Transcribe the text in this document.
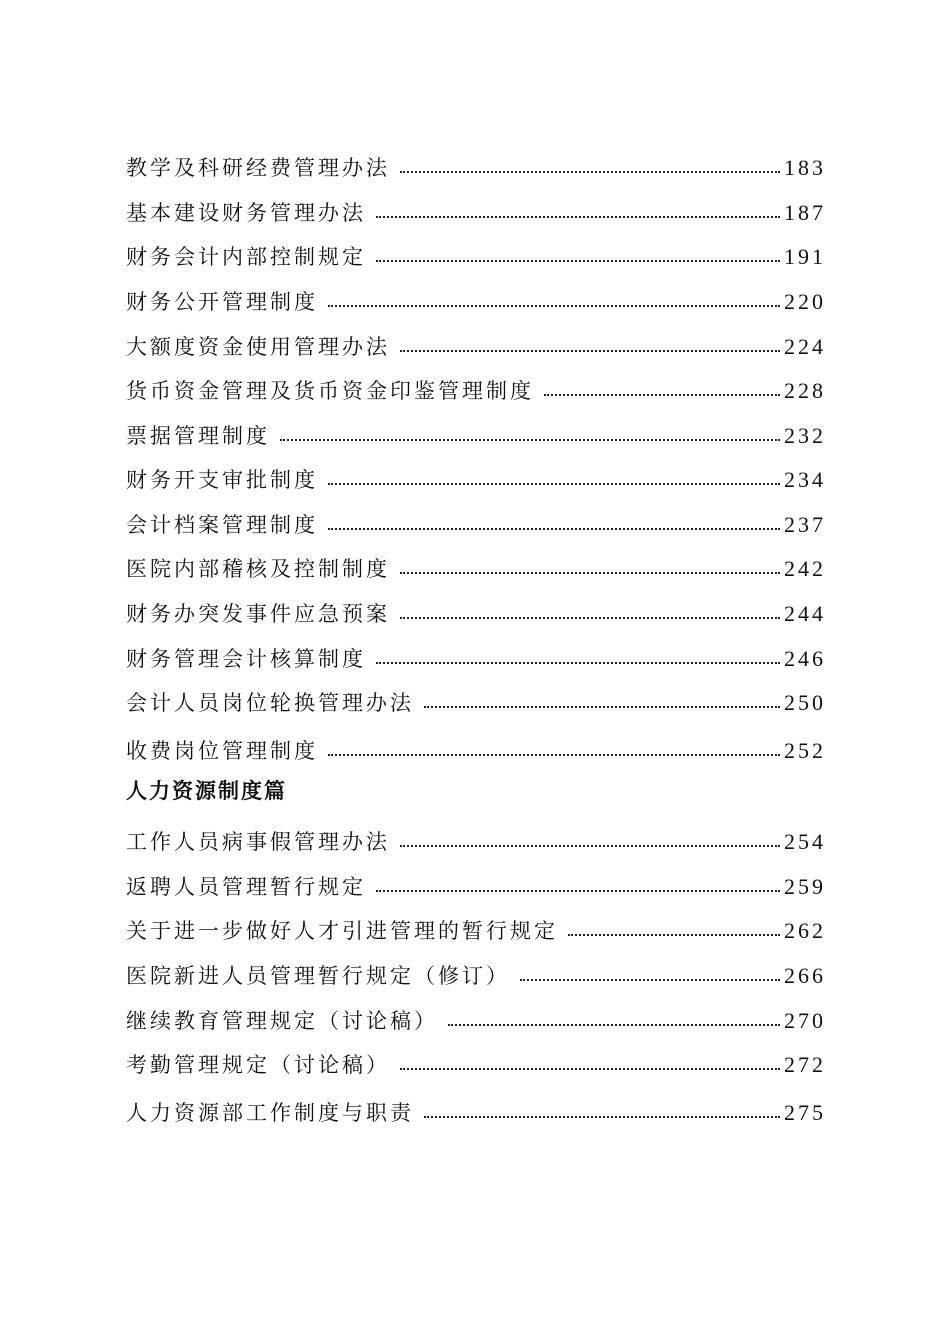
教学及科研经费管理办法	183
基本建设财务管理办法	187
财务会计内部控制规定	191
财务公开管理制度	220
大额度资金使用管理办法	224
货币资金管理及货币资金印鉴管理制度	228
票据管理制度	232
财务开支审批制度	234
会计档案管理制度	237
医院内部稽核及控制制度	242
财务办突发事件应急预案	244
财务管理会计核算制度	246
会计人员岗位轮换管理办法	250
收费岗位管理制度	252
人力资源制度篇
工作人员病事假管理办法	254
返聘人员管理暂行规定	259
关于进一步做好人才引进管理的暂行规定	262
医院新进人员管理暂行规定（修订）	266
继续教育管理规定（讨论稿）	270
考勤管理规定（讨论稿）	272
人力资源部工作制度与职责	275
